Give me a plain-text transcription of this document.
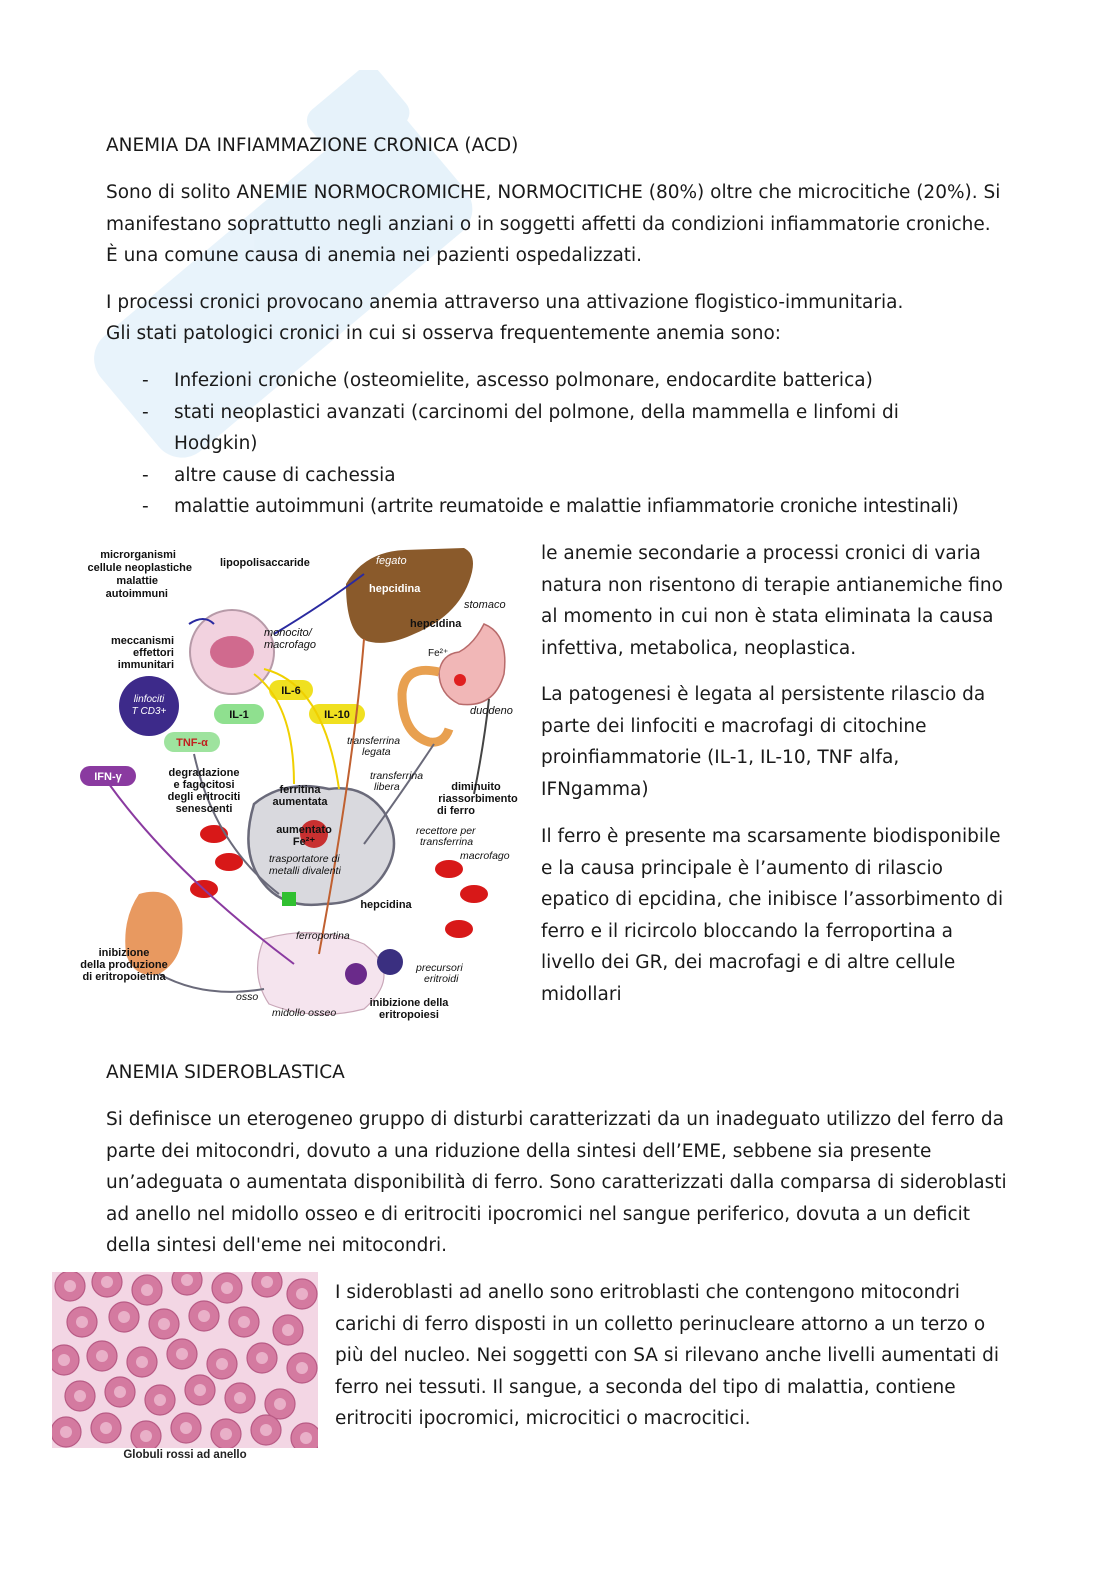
ANEMIA DA INFIAMMAZIONE CRONICA (ACD)

Sono di solito ANEMIE NORMOCROMICHE, NORMOCITICHE (80%) oltre che microcitiche (20%). Si manifestano soprattutto negli anziani o in soggetti affetti da condizioni infiammatorie croniche. È una comune causa di anemia nei pazienti ospedalizzati.

I processi cronici provocano anemia attraverso una attivazione flogistico-immunitaria.

Gli stati patologici cronici in cui si osserva frequentemente anemia sono:

- Infezioni croniche (osteomielite, ascesso polmonare, endocardite batterica)
- stati neoplastici avanzati (carcinomi del polmone, della mammella e linfomi di Hodgkin)
- altre cause di cachessia
- malattie autoimmuni (artrite reumatoide e malattie infiammatorie croniche intestinali)
microrganismi
cellule neoplastiche
malattie
autoimmuni
meccanismi
effettori
immunitari
lipopolisaccaride	fegato
hepcidina
stomaco
hepcidina
Fe²⁺
duodeno
monocito/
macrofago
linfociti
T CD3+
IL-6
IL-1	IL-10
TNF-α
IFN-γ	degradazione
e fagocitosi
degli eritrociti
senescenti
ferritina
aumentata
diminuito
riassorbimento
di ferro
aumentato
Fe²⁺
hepcidina
inibizione
della produzione
di eritropoietina
inibizione della
eritropoiesi
transferrina
legata
transferrina
libera
recettore per
transferrina
trasportatore di
metalli divalenti
macrofago
ferroportina
rene	osso
midollo osseo
precursori
eritroidi

le anemie secondarie a processi cronici di varia natura non risentono di terapie antianemiche fino al momento in cui non è stata eliminata la causa infettiva, metabolica, neoplastica.

La patogenesi è legata al persistente rilascio da parte dei linfociti e macrofagi di citochine proinfiammatorie (IL-1, IL-10, TNF alfa, IFNgamma)

Il ferro è presente ma scarsamente biodisponibile e la causa principale è l’aumento di rilascio epatico di epcidina, che inibisce l’assorbimento di ferro e il ricircolo bloccando la ferroportina a livello dei GR, dei macrofagi e di altre cellule midollari

ANEMIA SIDEROBLASTICA

Si definisce un eterogeneo gruppo di disturbi caratterizzati da un inadeguato utilizzo del ferro da parte dei mitocondri, dovuto a una riduzione della sintesi dell’EME, sebbene sia presente un’adeguata o aumentata disponibilità di ferro. Sono caratterizzati dalla comparsa di sideroblasti ad anello nel midollo osseo e di eritrociti ipocromici nel sangue periferico, dovuta a un deficit della sintesi dell'eme nei mitocondri.

Globuli rossi ad anello

I sideroblasti ad anello sono eritroblasti che contengono mitocondri carichi di ferro disposti in un colletto perinucleare attorno a un terzo o più del nucleo. Nei soggetti con SA si rilevano anche livelli aumentati di ferro nei tessuti. Il sangue, a seconda del tipo di malattia, contiene eritrociti ipocromici, microcitici o macrocitici.
